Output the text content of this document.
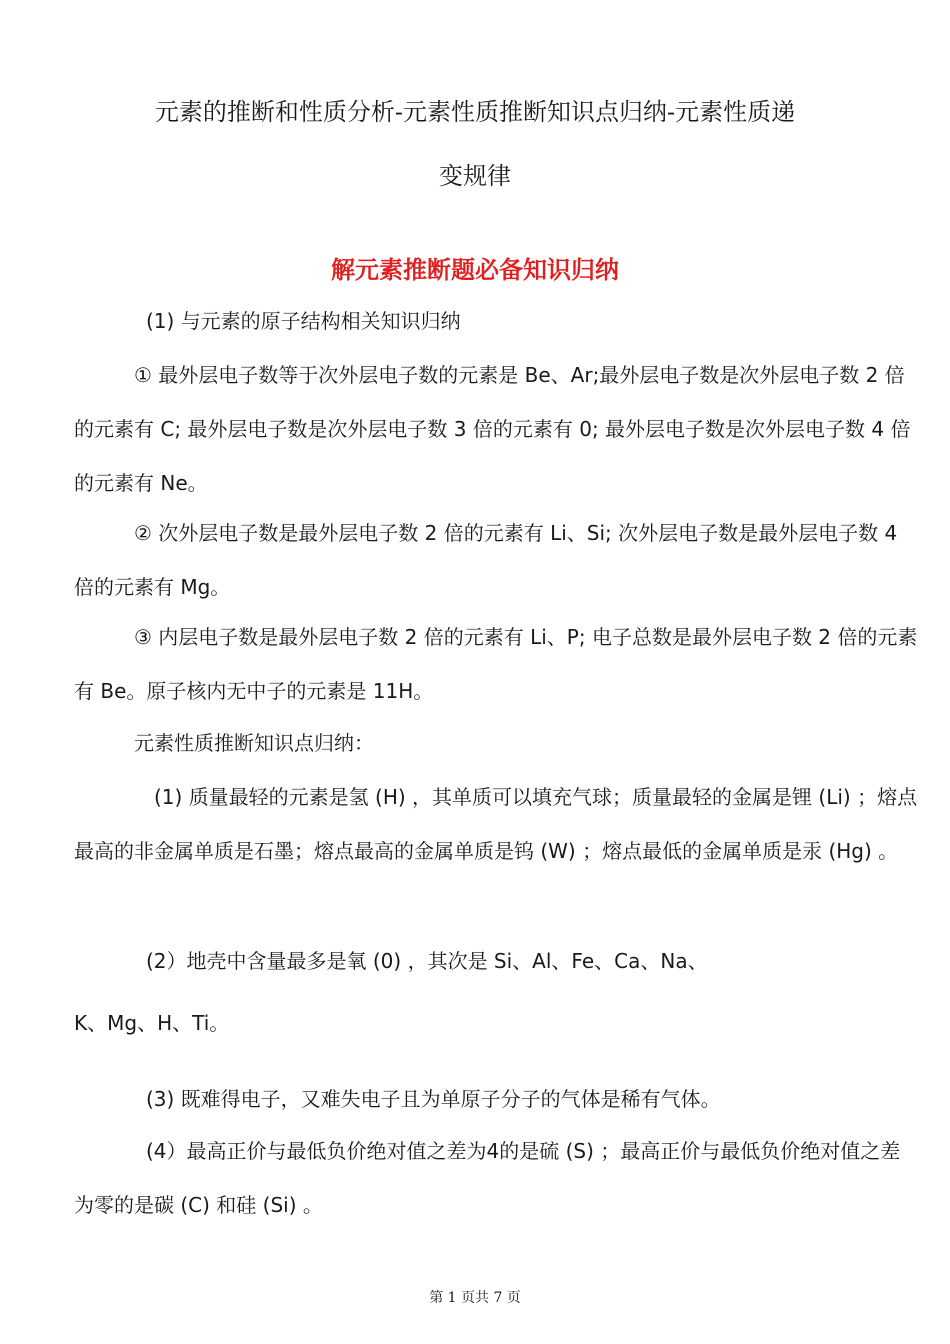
元素的推断和性质分析-元素性质推断知识点归纳-元素性质递
变规律
解元素推断题必备知识归纳
(1) 与元素的原子结构相关知识归纳

① 最外层电子数等于次外层电子数的元素是 Be、Ar;最外层电子数是次外层电子数 2 倍的元素有 C; 最外层电子数是次外层电子数 3 倍的元素有 0; 最外层电子数是次外层电子数 4 倍的元素有 Ne。

② 次外层电子数是最外层电子数 2 倍的元素有 Li、Si; 次外层电子数是最外层电子数 4 倍的元素有 Mg。

③ 内层电子数是最外层电子数 2 倍的元素有 Li、P; 电子总数是最外层电子数 2 倍的元素有 Be。原子核内无中子的元素是 11H。

元素性质推断知识点归纳：

(1) 质量最轻的元素是氢 (H) ，其单质可以填充气球；质量最轻的金属是锂 (Li) ；熔点最高的非金属单质是石墨；熔点最高的金属单质是钨 (W) ；熔点最低的金属单质是汞 (Hg) 。

(2）地壳中含量最多是氧 (0) ，其次是 Si、Al、Fe、Ca、Na、
K、Mg、H、Ti。
(3) 既难得电子，又难失电子且为单原子分子的气体是稀有气体。

(4）最高正价与最低负价绝对值之差为4的是硫 (S) ；最高正价与最低负价绝对值之差为零的是碳 (C) 和硅 (Si) 。

第 1 页共 7 页
